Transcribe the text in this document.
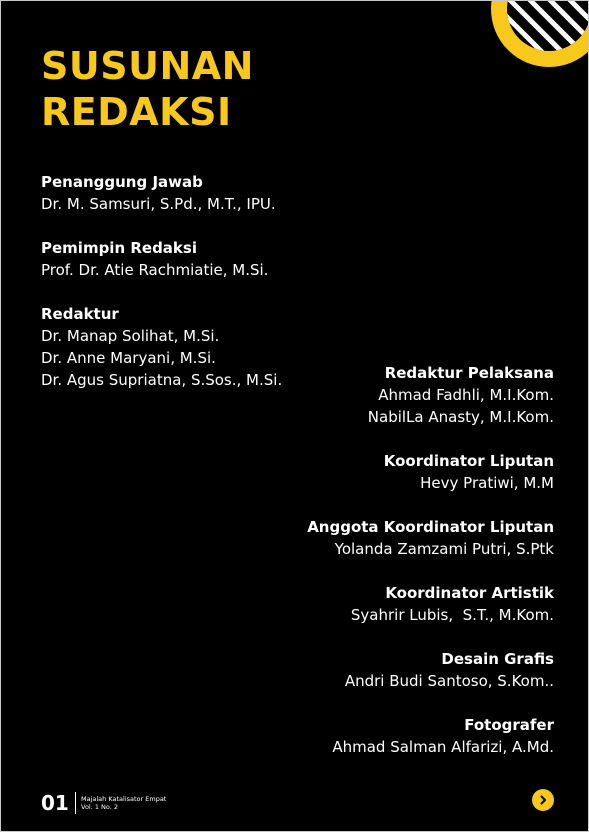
SUSUNAN
REDAKSI
Penanggung Jawab
Dr. M. Samsuri, S.Pd., M.T., IPU.
Pemimpin Redaksi
Prof. Dr. Atie Rachmiatie, M.Si.
Redaktur
Dr. Manap Solihat, M.Si.
Dr. Anne Maryani, M.Si.
Dr. Agus Supriatna, S.Sos., M.Si.	Redaktur Pelaksana
Ahmad Fadhli, M.I.Kom.
NabilLa Anasty, M.I.Kom.
Koordinator Liputan
Hevy Pratiwi, M.M
Anggota Koordinator Liputan
Yolanda Zamzami Putri, S.Ptk
Koordinator Artistik
Syahrir Lubis,  S.T., M.Kom.
Desain Grafis
Andri Budi Santoso, S.Kom..
Fotografer
Ahmad Salman Alfarizi, A.Md.
01 Majalah Katalisator Empat
Vol. 1 No. 2
